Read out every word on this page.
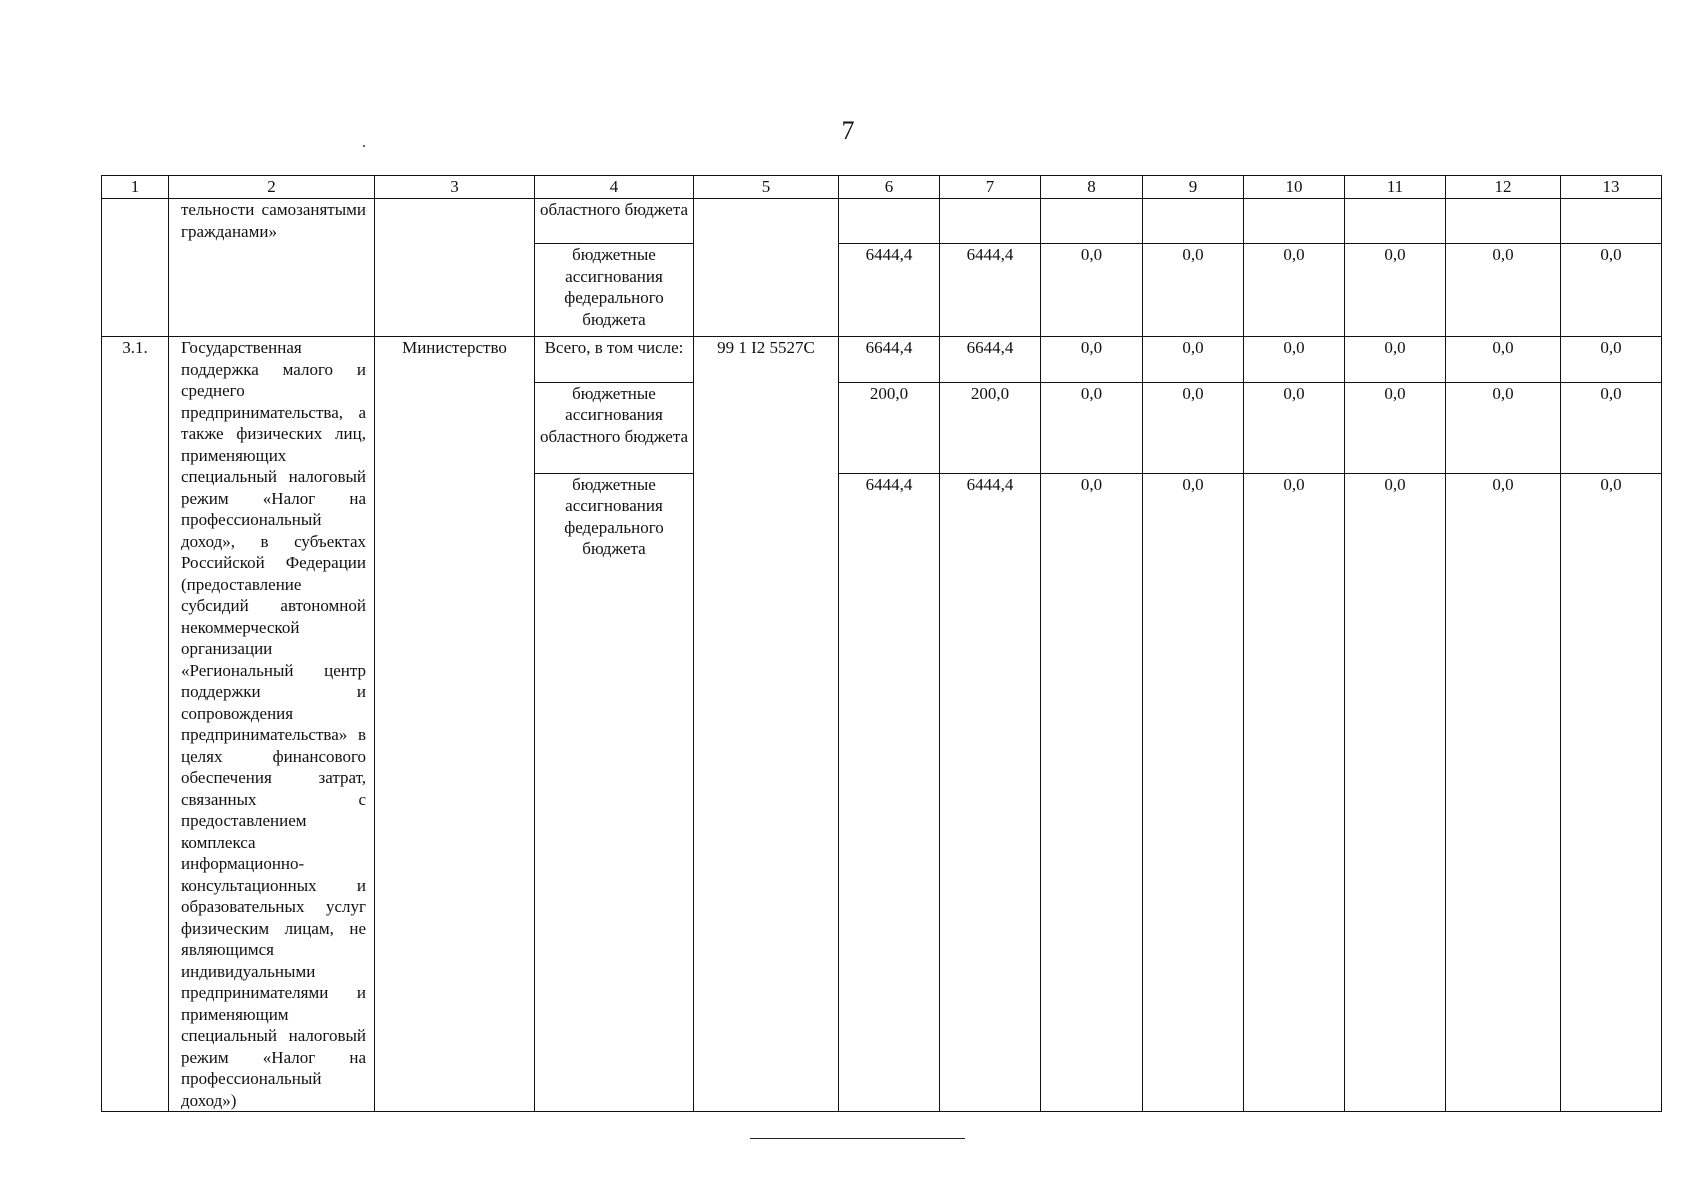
7
1	2	3	4	5	6	7	8	9	10	11	12	13
	тельности самозанятыми гражданами»		областного бюджета									
			бюджетные ассигнования федерального бюджета		6444,4	6444,4	0,0	0,0	0,0	0,0	0,0	0,0
3.1.	Государственная поддержка малого и среднего предпринимательства, а также физических лиц, применяющих специальный налоговый режим «Налог на профессиональный доход», в субъектах Российской Федерации (предоставление субсидий автономной некоммерческой организации «Региональный центр поддержки и сопровождения предпринимательства» в целях финансового обеспечения затрат, связанных с предоставлением комплекса информационно-консультационных и образовательных услуг физическим лицам, не являющимся индивидуальными предпринимателями и применяющим специальный налоговый режим «Налог на профессиональный доход»)	Министерство	Всего, в том числе:	99 1 I2 5527C	6644,4	6644,4	0,0	0,0	0,0	0,0	0,0	0,0
			бюджетные ассигнования областного бюджета		200,0	200,0	0,0	0,0	0,0	0,0	0,0	0,0
			бюджетные ассигнования федерального бюджета		6444,4	6444,4	0,0	0,0	0,0	0,0	0,0	0,0
